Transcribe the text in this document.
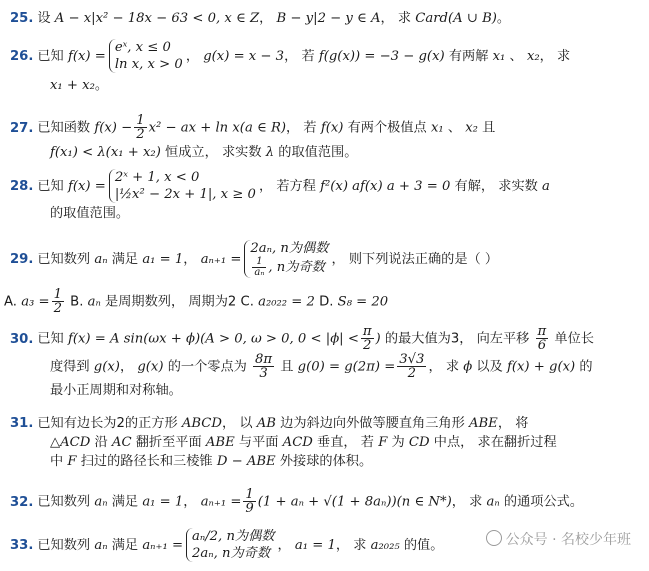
25. 设 A − x|x² − 18x − 63 < 0, x ∈ Z， B − y|2 − y ∈ A， 求 Card(A ∪ B)。
26. 已知 f(x) =
eˣ, x ≤ 0
ln x, x > 0
， g(x) = x − 3， 若 f(g(x)) = −3 − g(x) 有两解 x₁ 、 x₂， 求
x₁ + x₂。
27. 已知函数 $f(x) - \frac{1}{2} x^2$ − ax + ln x(a ∈ R)， 若 f(x) 有两个极值点 x₁ 、 x₂ 且
f(x₁) < λ(x₁ + x₂) 恒成立， 求实数 λ 的取值范围。
28. 已知 f(x) =
2ˣ + 1, x < 0
|½x² − 2x + 1|, x ≥ 0
， 若方程 f²(x) af(x) a + 3 = 0 有解， 求实数 a
的取值范围。
29. 已知数列 aₙ 满足 a₁ = 1， aₙ₊₁ =
2aₙ, n为偶数
$\frac{1}{\text{aₙ}}$ , n为奇数
， 则下列说法正确的是（ ）
A. $a_3 = \frac{1}{2} B$. aₙ 是周期数列， 周期为2 C. a₂₀₂₂ = 2 D. S₈ = 20
30. 已知 f(x) = A sin(ωx + ϕ)(A > 0, ω > 0, $0 < |\phi| < \frac{\pi}{2}$ ) 的最大值为3， 向左平移 $\frac{\pi}{6}$ 单位长
度得到 g(x)， g(x) 的一个零点为 $\frac{8\pi}{3}$ 且 $g(0) = g(2\pi) = \frac{3√3}{2}$ ， 求 ϕ 以及 f(x) + g(x) 的
最小正周期和对称轴。
31. 已知有边长为2的正方形 ABCD， 以 AB 边为斜边向外做等腰直角三角形 ABE， 将
△ACD 沿 AC 翻折至平面 ABE 与平面 ACD 垂直， 若 F 为 CD 中点， 求在翻折过程
中 F 扫过的路径长和三棱锥 D − ABE 外接球的体积。
32. 已知数列 aₙ 满足 a₁ = 1， $a_{n+1} = \frac{1}{9} (1 + a_n + √(1 + 8a_n))(n$ ∈ N*)， 求 aₙ 的通项公式。
33. 已知数列 aₙ 满足 aₙ₊₁ =
aₙ/2, n为偶数
2aₙ, n为奇数
， a₁ = 1， 求 a₂₀₂₅ 的值。	公众号 · 名校少年班
